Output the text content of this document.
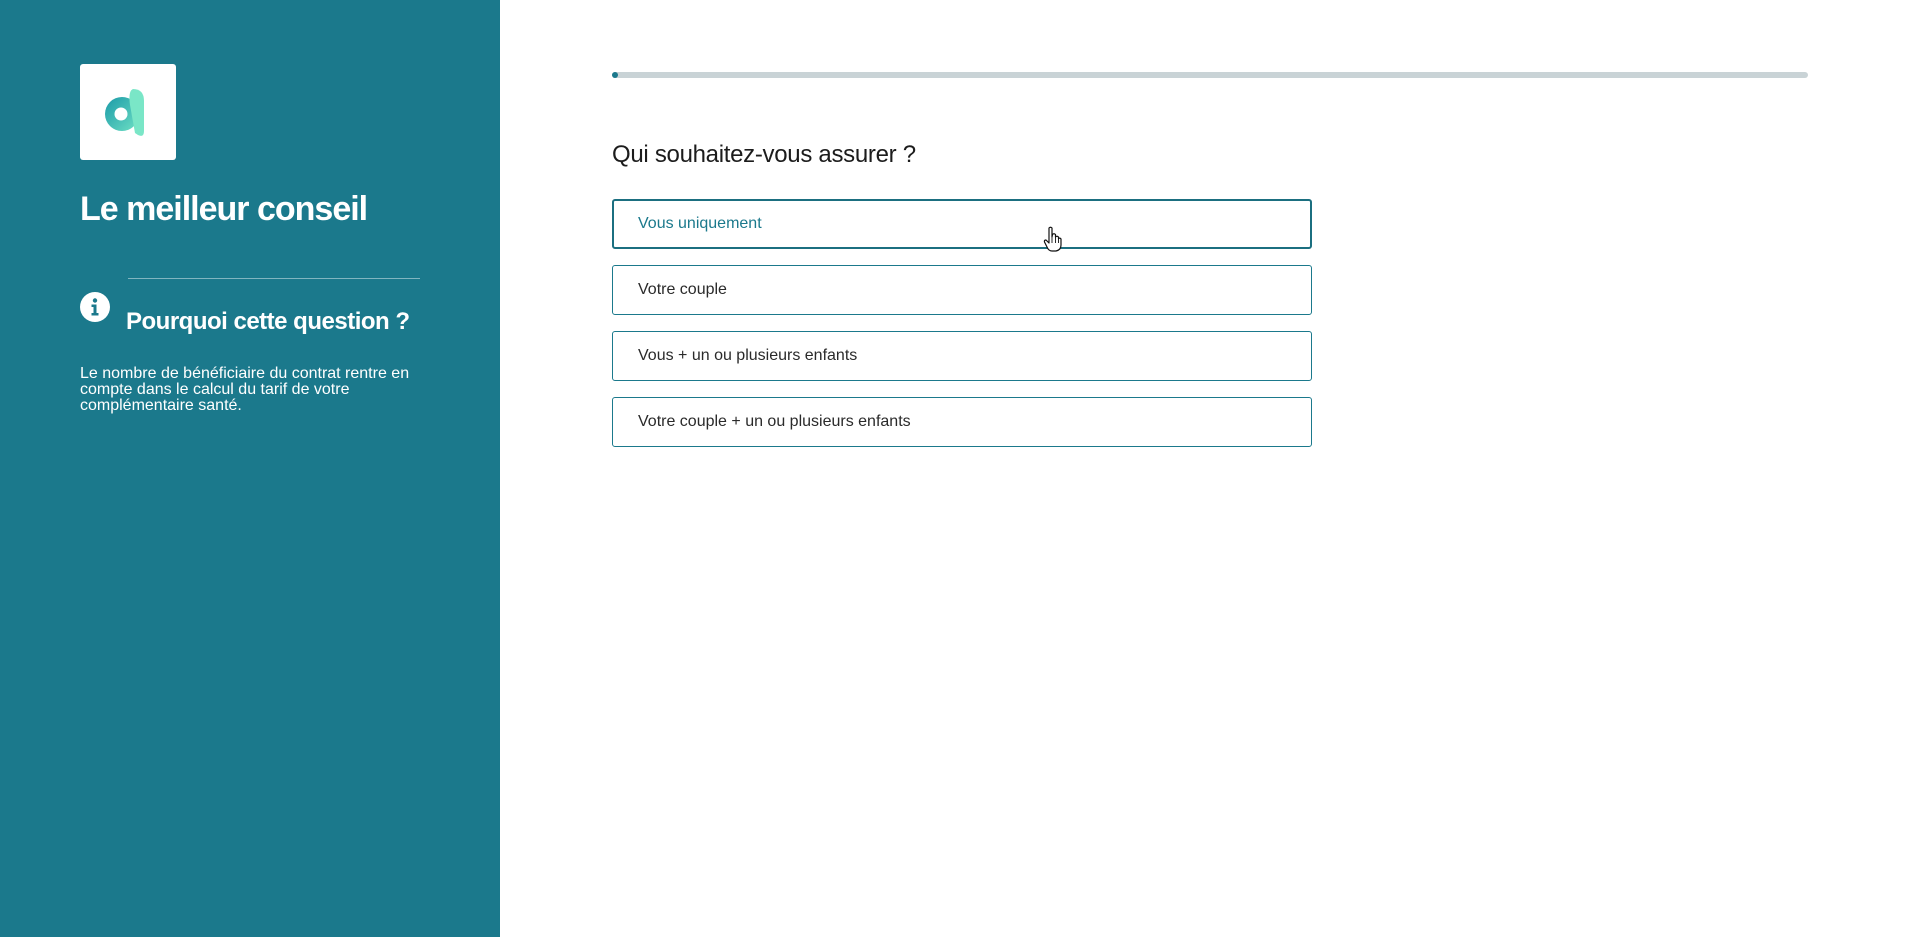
Le meilleur conseil
Pourquoi cette question ?

Le nombre de bénéficiaire du contrat rentre en compte dans le calcul du tarif de votre complémentaire santé.

Qui souhaitez-vous assurer ?
Vous uniquement
Votre couple
Vous + un ou plusieurs enfants
Votre couple + un ou plusieurs enfants
